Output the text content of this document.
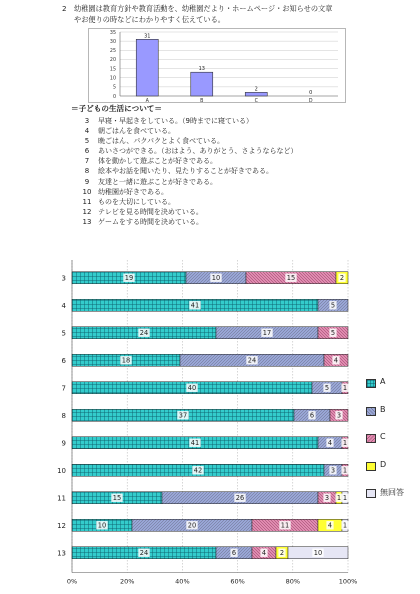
2 幼稚園は教育方針や教育活動を、幼稚園だより・ホームページ・お知らせの文章
やお便りの時などにわかりやすく伝えている。
0
5
10
15
20
25
30
35
31
A
13
B
2
C
0
D
＝子どもの生活について＝
3 早寝・早起きをしている。（9時までに寝ている）
4 朝ごはんを食べている。
5 晩ごはん、パクパクとよく食べている。
6 あいさつができる。（おはよう、ありがとう、さようならなど）
7 体を動かして遊ぶことが好きである。
8 絵本やお話を聞いたり、見たりすることが好きである。
9 友達と一緒に遊ぶことが好きである。
10 幼稚園が好きである。
11 ものを大切にしている。
12 テレビを見る時間を決めている。
13 ゲームをする時間を決めている。
0%	20%	40%	60%	80%	100%
3	19	10	15	2
4	41	5
5	24	17	5
6	18	24	4
7	40	5 1
8	37	6	3
9	41	4 1
10	42	3 1
11	15	26	3 1 1
12	10	20	11	4 1
13	24	6	4 2	10
A
B
C
D
無回答
